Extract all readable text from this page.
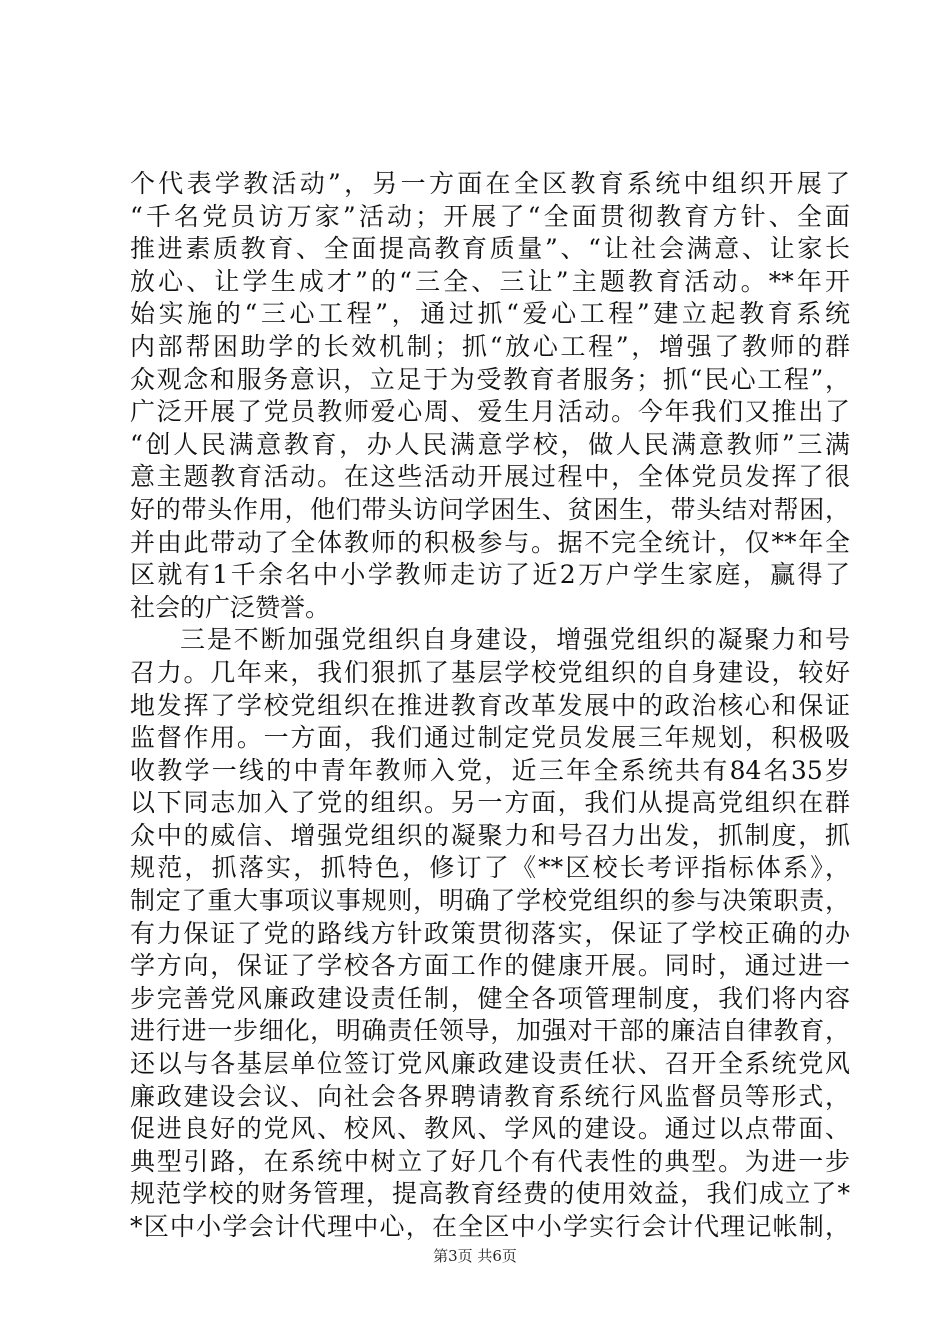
个代表学教活动”，另一方面在全区教育系统中组织开展了
“千名党员访万家”活动；开展了“全面贯彻教育方针、全面
推进素质教育、全面提高教育质量”、“让社会满意、让家长
放心、让学生成才”的“三全、三让”主题教育活动。**年开
始实施的“三心工程”，通过抓“爱心工程”建立起教育系统
内部帮困助学的长效机制；抓“放心工程”，增强了教师的群
众观念和服务意识，立足于为受教育者服务；抓“民心工程”，
广泛开展了党员教师爱心周、爱生月活动。今年我们又推出了
“创人民满意教育，办人民满意学校，做人民满意教师”三满
意主题教育活动。在这些活动开展过程中，全体党员发挥了很
好的带头作用，他们带头访问学困生、贫困生，带头结对帮困，
并由此带动了全体教师的积极参与。据不完全统计，仅**年全
区就有1千余名中小学教师走访了近2万户学生家庭，赢得了
社会的广泛赞誉。
三是不断加强党组织自身建设，增强党组织的凝聚力和号
召力。几年来，我们狠抓了基层学校党组织的自身建设，较好
地发挥了学校党组织在推进教育改革发展中的政治核心和保证
监督作用。一方面，我们通过制定党员发展三年规划，积极吸
收教学一线的中青年教师入党，近三年全系统共有84名35岁
以下同志加入了党的组织。另一方面，我们从提高党组织在群
众中的威信、增强党组织的凝聚力和号召力出发，抓制度，抓
规范，抓落实，抓特色，修订了《**区校长考评指标体系》，
制定了重大事项议事规则，明确了学校党组织的参与决策职责，
有力保证了党的路线方针政策贯彻落实，保证了学校正确的办
学方向，保证了学校各方面工作的健康开展。同时，通过进一
步完善党风廉政建设责任制，健全各项管理制度，我们将内容
进行进一步细化，明确责任领导，加强对干部的廉洁自律教育，
还以与各基层单位签订党风廉政建设责任状、召开全系统党风
廉政建设会议、向社会各界聘请教育系统行风监督员等形式，
促进良好的党风、校风、教风、学风的建设。通过以点带面、
典型引路，在系统中树立了好几个有代表性的典型。为进一步
规范学校的财务管理，提高教育经费的使用效益，我们成立了*
*区中小学会计代理中心，在全区中小学实行会计代理记帐制，
第3页 共6页
